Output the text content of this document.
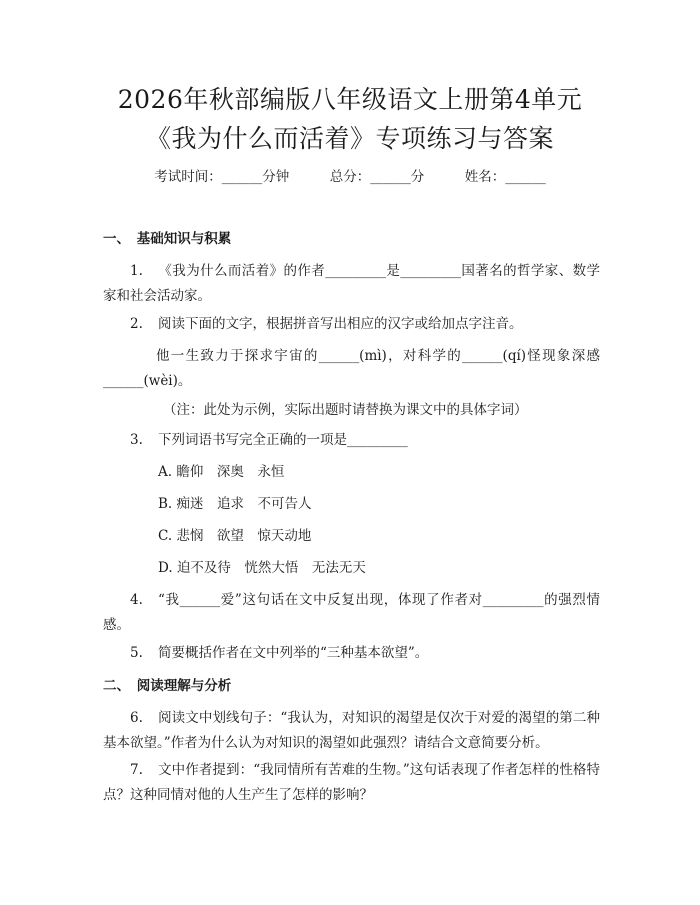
2026年秋部编版八年级语文上册第4单元
《我为什么而活着》专项练习与答案
考试时间：______分钟　　　	总分：______分　　　	姓名：______
一、　基础知识与积累

1. 《我为什么而活着》的作者_________是_________国著名的哲学家、数学家和社会活动家。

2. 阅读下面的文字，根据拼音写出相应的汉字或给加点字注音。

他一生致力于探求宇宙的______(mì)，对科学的______(qí)怪现象深感______(wèi)。

（注：此处为示例，实际出题时请替换为课文中的具体字词）

3. 下列词语书写完全正确的一项是_________

A. 瞻仰　深奥　永恒
B. 痴迷　追求　不可告人
C. 悲悯　欲望　惊天动地
D. 迫不及待　恍然大悟　无法无天

4. “我______爱”这句话在文中反复出现，体现了作者对_________的强烈情感。

5. 简要概括作者在文中列举的“三种基本欲望”。

二、　阅读理解与分析

6. 阅读文中划线句子：“我认为，对知识的渴望是仅次于对爱的渴望的第二种基本欲望。”作者为什么认为对知识的渴望如此强烈？请结合文意简要分析。

7. 文中作者提到：“我同情所有苦难的生物。”这句话表现了作者怎样的性格特点？这种同情对他的人生产生了怎样的影响？
